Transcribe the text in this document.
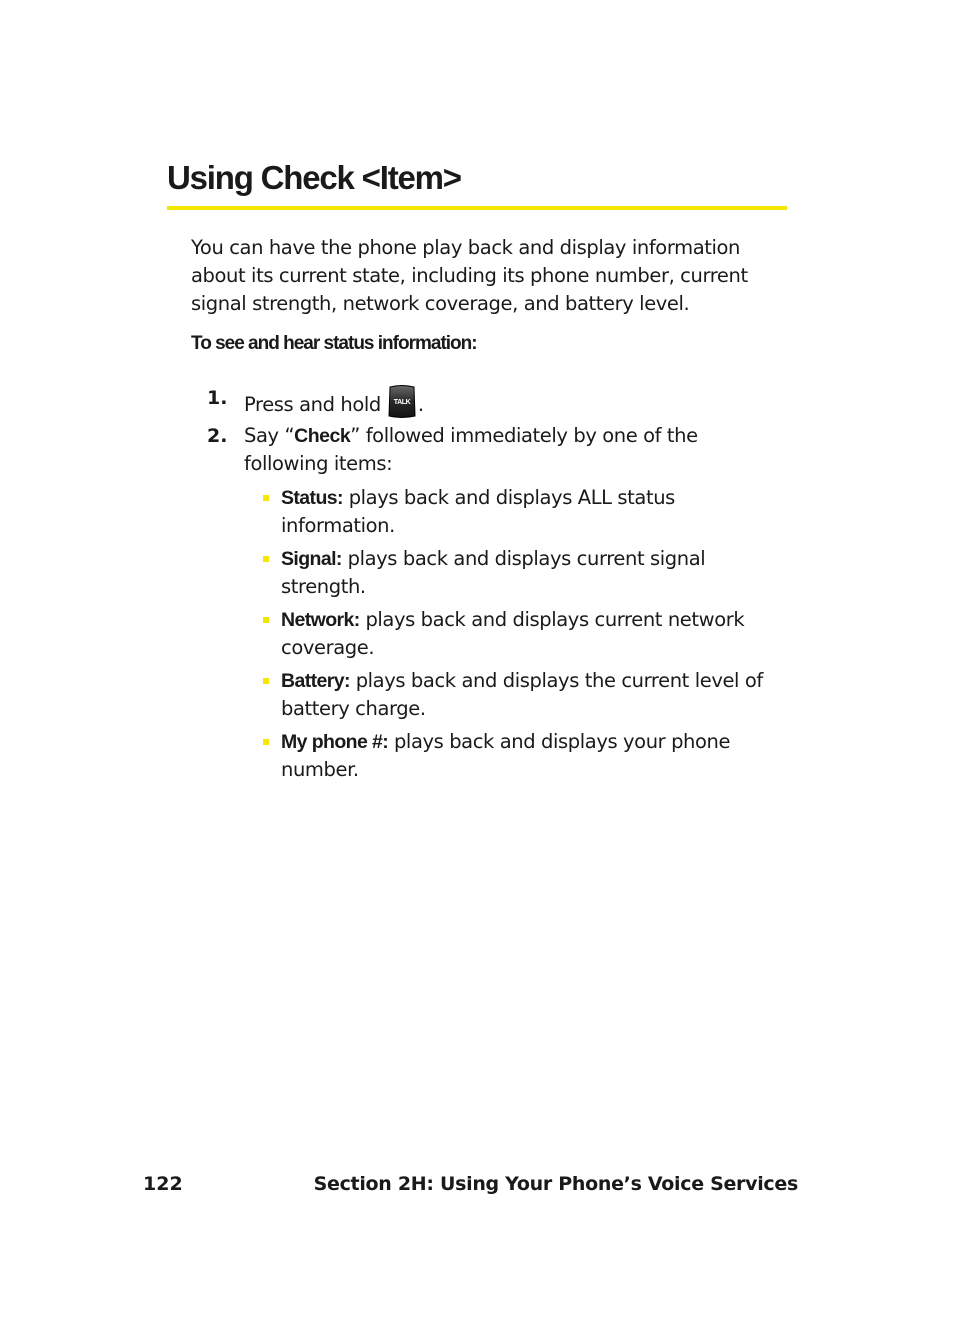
Using Check <Item>

You can have the phone play back and display information about its current state, including its phone number, current signal strength, network coverage, and battery level.

To see and hear status information:

1. Press and hold TALK .
2. Say “Check” followed immediately by one of the following items:
Status: plays back and displays ALL status information.
Signal: plays back and displays current signal strength.
Network: plays back and displays current network coverage.
Battery: plays back and displays the current level of battery charge.
My phone #: plays back and displays your phone number.
122	Section 2H: Using Your Phone’s Voice Services
